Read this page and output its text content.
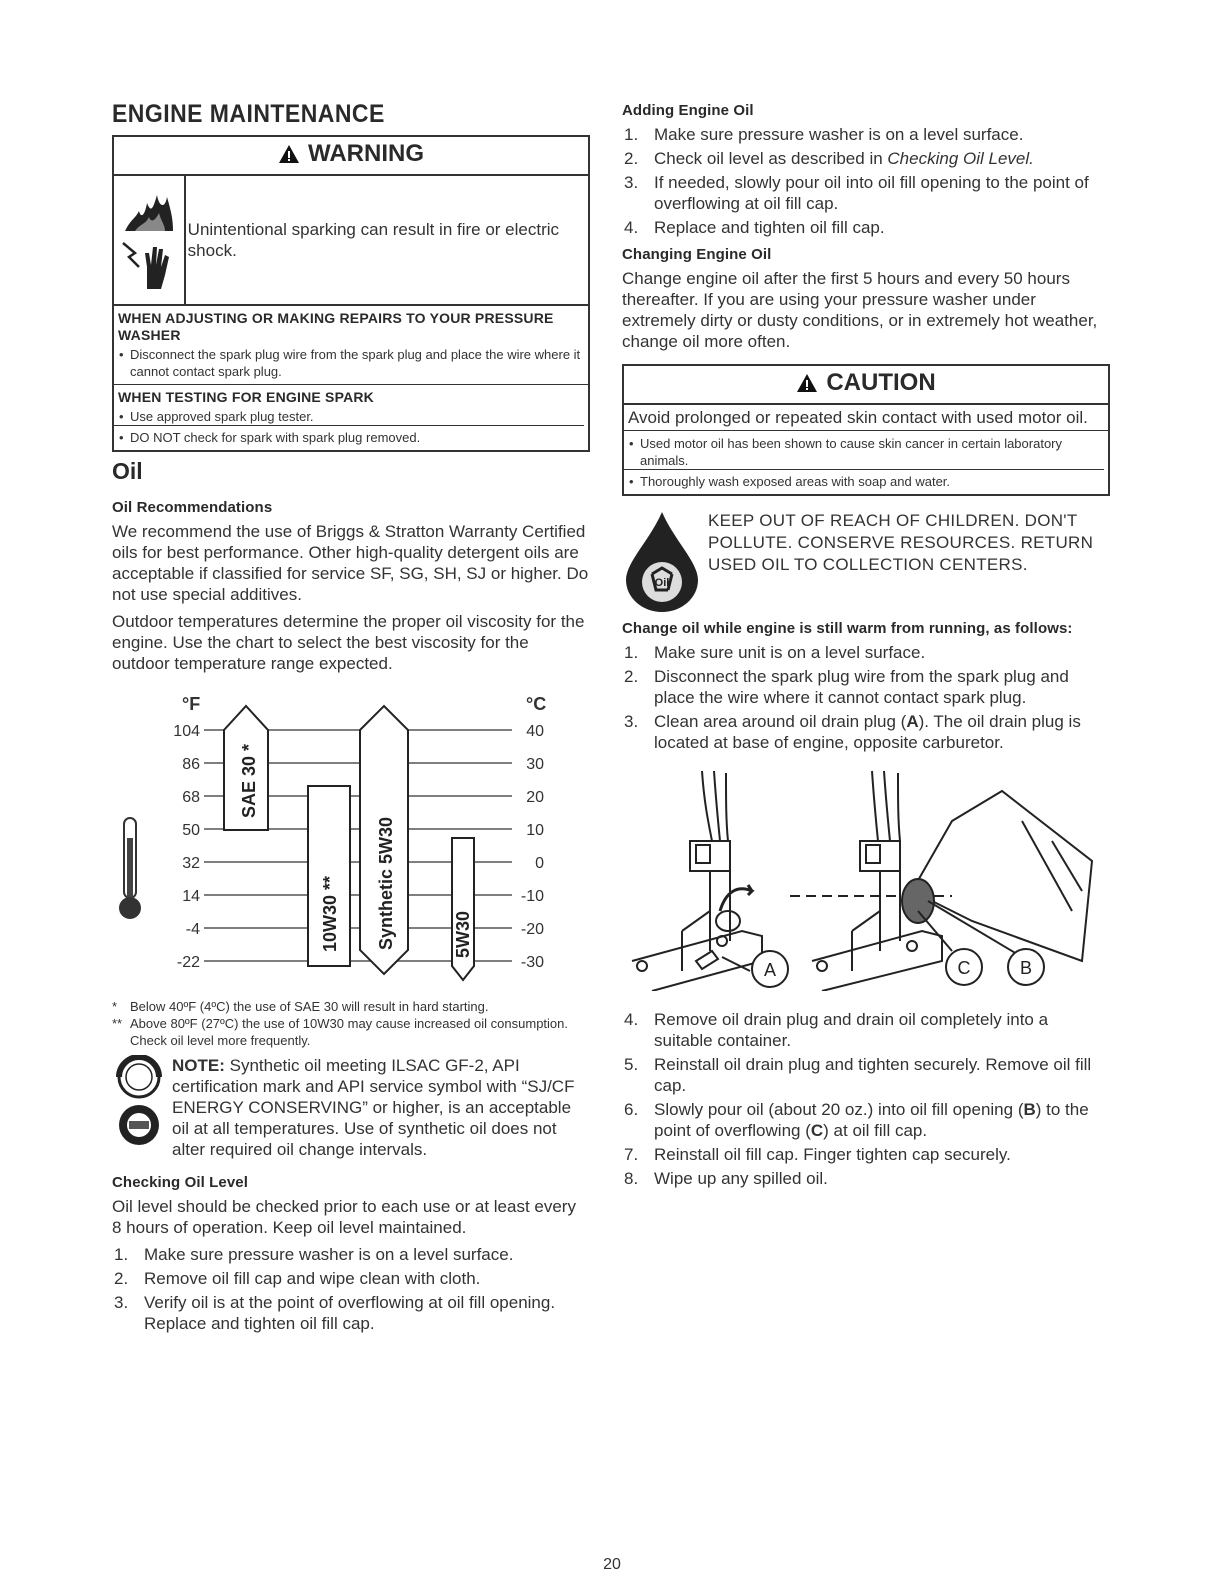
ENGINE MAINTENANCE
WARNING
Unintentional sparking can result in fire or electric shock.
WHEN ADJUSTING OR MAKING REPAIRS TO YOUR PRESSURE WASHER
• Disconnect the spark plug wire from the spark plug and place the wire where it cannot contact spark plug.
WHEN TESTING FOR ENGINE SPARK
• Use approved spark plug tester.
• DO NOT check for spark with spark plug removed.
Oil
Oil Recommendations

We recommend the use of Briggs & Stratton Warranty Certified oils for best performance. Other high-quality detergent oils are acceptable if classified for service SF, SG, SH, SJ or higher. Do not use special additives.

Outdoor temperatures determine the proper oil viscosity for the engine. Use the chart to select the best viscosity for the outdoor temperature range expected.

104
86
68
50
32
14
-4
-22
40
30
20
10
0
-10
-20
-30
°F	°C
SAE 30 *
10W30 ** Synthetic 5W30	5W30
* Below 40ºF (4ºC) the use of SAE 30 will result in hard starting.
** Above 80ºF (27ºC) the use of 10W30 may cause increased oil consumption. Check oil level more frequently.
NOTE: Synthetic oil meeting ILSAC GF-2, API certification mark and API service symbol with “SJ/CF ENERGY CONSERVING” or higher, is an acceptable oil at all temperatures. Use of synthetic oil does not alter required oil change intervals.
Checking Oil Level

Oil level should be checked prior to each use or at least every 8 hours of operation. Keep oil level maintained.

1. Make sure pressure washer is on a level surface.
2. Remove oil fill cap and wipe clean with cloth.
3. Verify oil is at the point of overflowing at oil fill opening. Replace and tighten oil fill cap.
Adding Engine Oil
1. Make sure pressure washer is on a level surface.
2. Check oil level as described in Checking Oil Level.
3. If needed, slowly pour oil into oil fill opening to the point of overflowing at oil fill cap.
4. Replace and tighten oil fill cap.
Changing Engine Oil

Change engine oil after the first 5 hours and every 50 hours thereafter. If you are using your pressure washer under extremely dirty or dusty conditions, or in extremely hot weather, change oil more often.

CAUTION
Avoid prolonged or repeated skin contact with used motor oil.
• Used motor oil has been shown to cause skin cancer in certain laboratory animals.
• Thoroughly wash exposed areas with soap and water.
Oil
KEEP OUT OF REACH OF CHILDREN. DON'T POLLUTE. CONSERVE RESOURCES. RETURN USED OIL TO COLLECTION CENTERS.
Change oil while engine is still warm from running, as follows:
1. Make sure unit is on a level surface.
2. Disconnect the spark plug wire from the spark plug and place the wire where it cannot contact spark plug.
3. Clean area around oil drain plug (A). The oil drain plug is located at base of engine, opposite carburetor.
A	C	B
4. Remove oil drain plug and drain oil completely into a suitable container.
5. Reinstall oil drain plug and tighten securely. Remove oil fill cap.
6. Slowly pour oil (about 20 oz.) into oil fill opening (B) to the point of overflowing (C) at oil fill cap.
7. Reinstall oil fill cap. Finger tighten cap securely.
8. Wipe up any spilled oil.
20
